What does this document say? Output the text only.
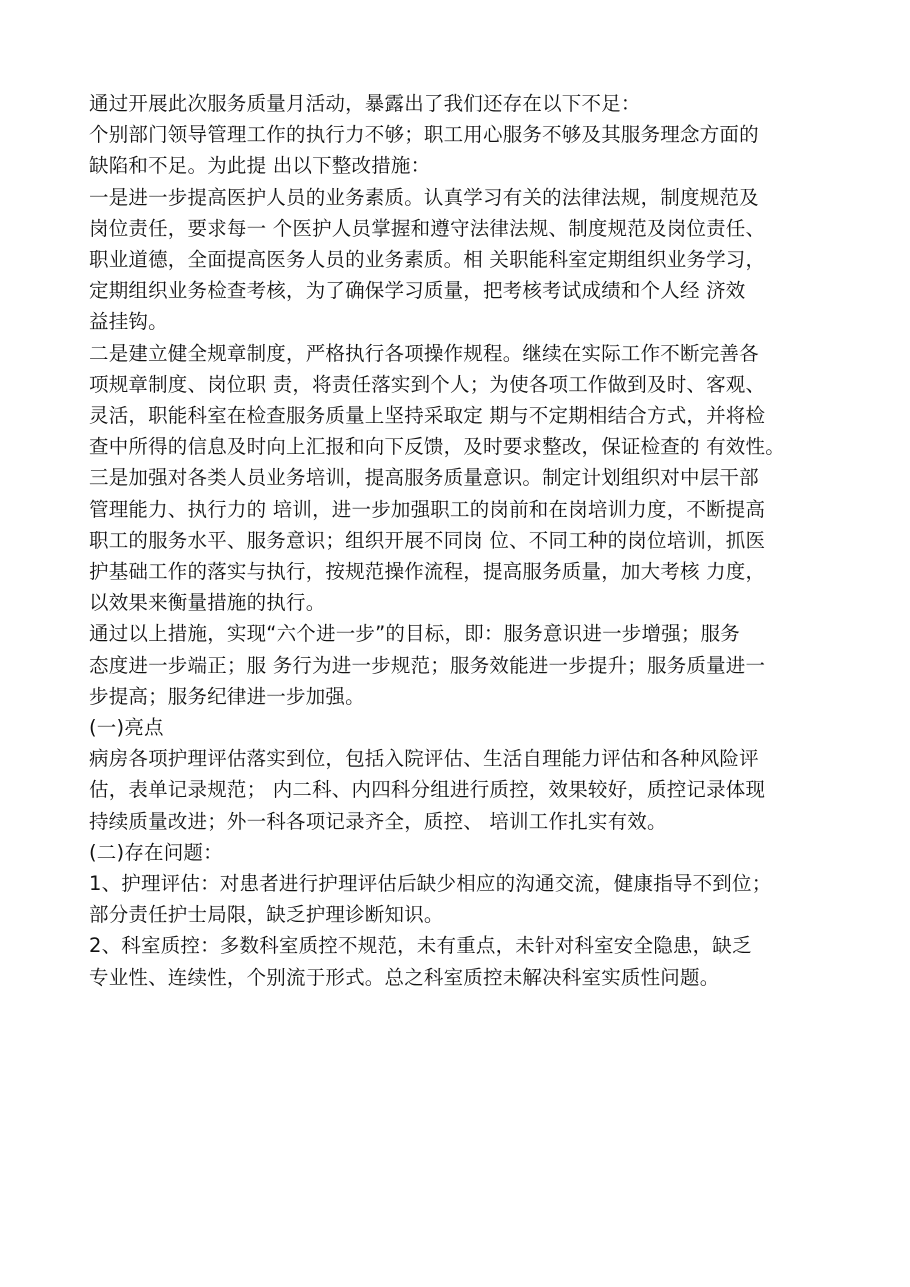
通过开展此次服务质量月活动，暴露出了我们还存在以下不足：
个别部门领导管理工作的执行力不够；职工用心服务不够及其服务理念方面的
缺陷和不足。为此提 出以下整改措施：
一是进一步提高医护人员的业务素质。认真学习有关的法律法规，制度规范及
岗位责任，要求每一 个医护人员掌握和遵守法律法规、制度规范及岗位责任、
职业道德，全面提高医务人员的业务素质。相 关职能科室定期组织业务学习，
定期组织业务检查考核，为了确保学习质量，把考核考试成绩和个人经 济效
益挂钩。
二是建立健全规章制度，严格执行各项操作规程。继续在实际工作不断完善各
项规章制度、岗位职 责，将责任落实到个人；为使各项工作做到及时、客观、
灵活，职能科室在检查服务质量上坚持采取定 期与不定期相结合方式，并将检
查中所得的信息及时向上汇报和向下反馈，及时要求整改，保证检查的 有效性。
三是加强对各类人员业务培训，提高服务质量意识。制定计划组织对中层干部
管理能力、执行力的 培训，进一步加强职工的岗前和在岗培训力度，不断提高
职工的服务水平、服务意识；组织开展不同岗 位、不同工种的岗位培训，抓医
护基础工作的落实与执行，按规范操作流程，提高服务质量，加大考核 力度，
以效果来衡量措施的执行。
通过以上措施，实现“六个进一步”的目标，即：服务意识进一步增强；服务
态度进一步端正；服 务行为进一步规范；服务效能进一步提升；服务质量进一
步提高；服务纪律进一步加强。
(一)亮点
病房各项护理评估落实到位，包括入院评估、生活自理能力评估和各种风险评
估，表单记录规范； 内二科、内四科分组进行质控，效果较好，质控记录体现
持续质量改进；外一科各项记录齐全，质控、 培训工作扎实有效。
(二)存在问题：
1、护理评估：对患者进行护理评估后缺少相应的沟通交流，健康指导不到位；
部分责任护士局限，缺乏护理诊断知识。
2、科室质控：多数科室质控不规范，未有重点，未针对科室安全隐患，缺乏
专业性、连续性，个别流于形式。总之科室质控未解决科室实质性问题。
